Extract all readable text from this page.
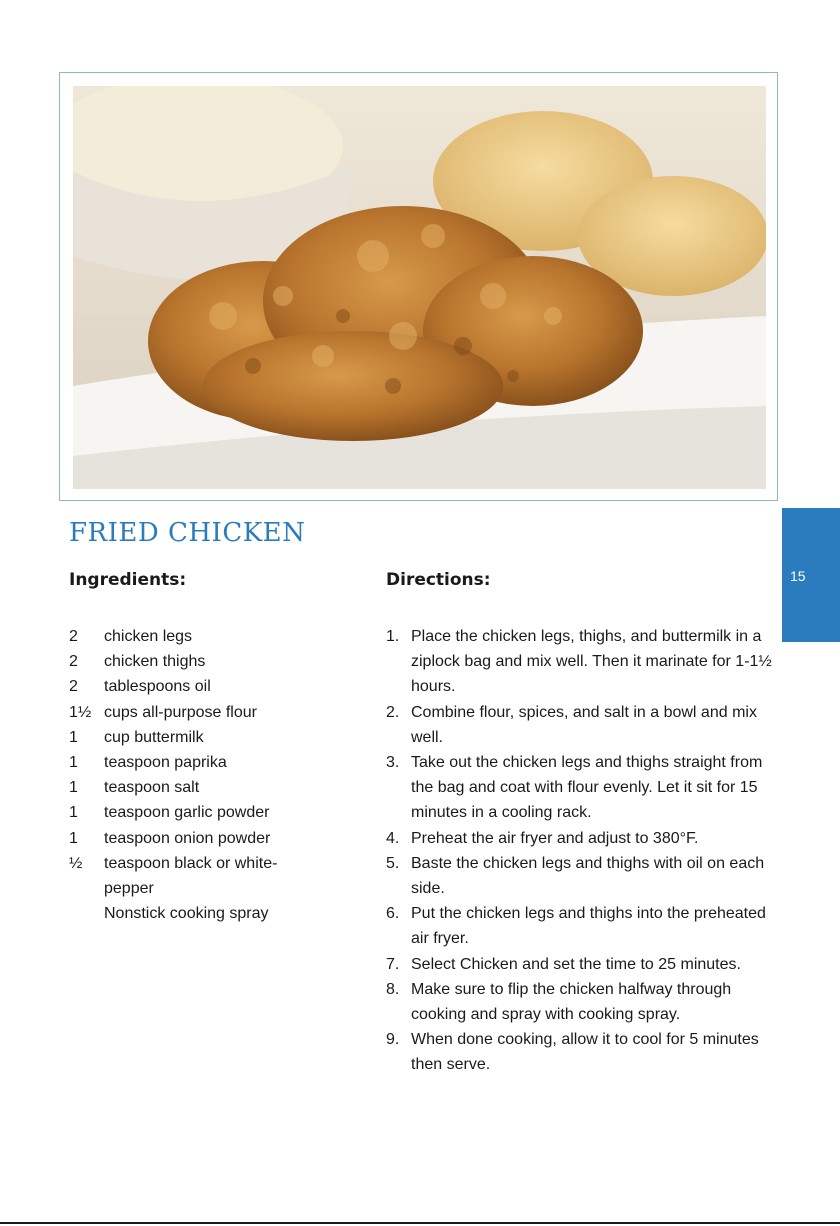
FRIED CHICKEN
Ingredients:	Directions:
2	chicken legs
2	chicken thighs
2	tablespoons oil
1½ cups all-purpose flour
1	cup buttermilk
1	teaspoon paprika
1	teaspoon salt
1	teaspoon garlic powder
1	teaspoon onion powder
½	teaspoon black or white-pepper
Nonstick cooking spray
1. Place the chicken legs, thighs, and buttermilk in a ziplock bag and mix well. Then it marinate for 1-1½ hours.
2. Combine flour, spices, and salt in a bowl and mix well.
3. Take out the chicken legs and thighs straight from the bag and coat with flour evenly. Let it sit for 15 minutes in a cooling rack.
4. Preheat the air fryer and adjust to 380°F.
5. Baste the chicken legs and thighs with oil on each side.
6. Put the chicken legs and thighs into the preheated air fryer.
7. Select Chicken and set the time to 25 minutes.
8. Make sure to flip the chicken halfway through cooking and spray with cooking spray.
9. When done cooking, allow it to cool for 5 minutes then serve.
15
